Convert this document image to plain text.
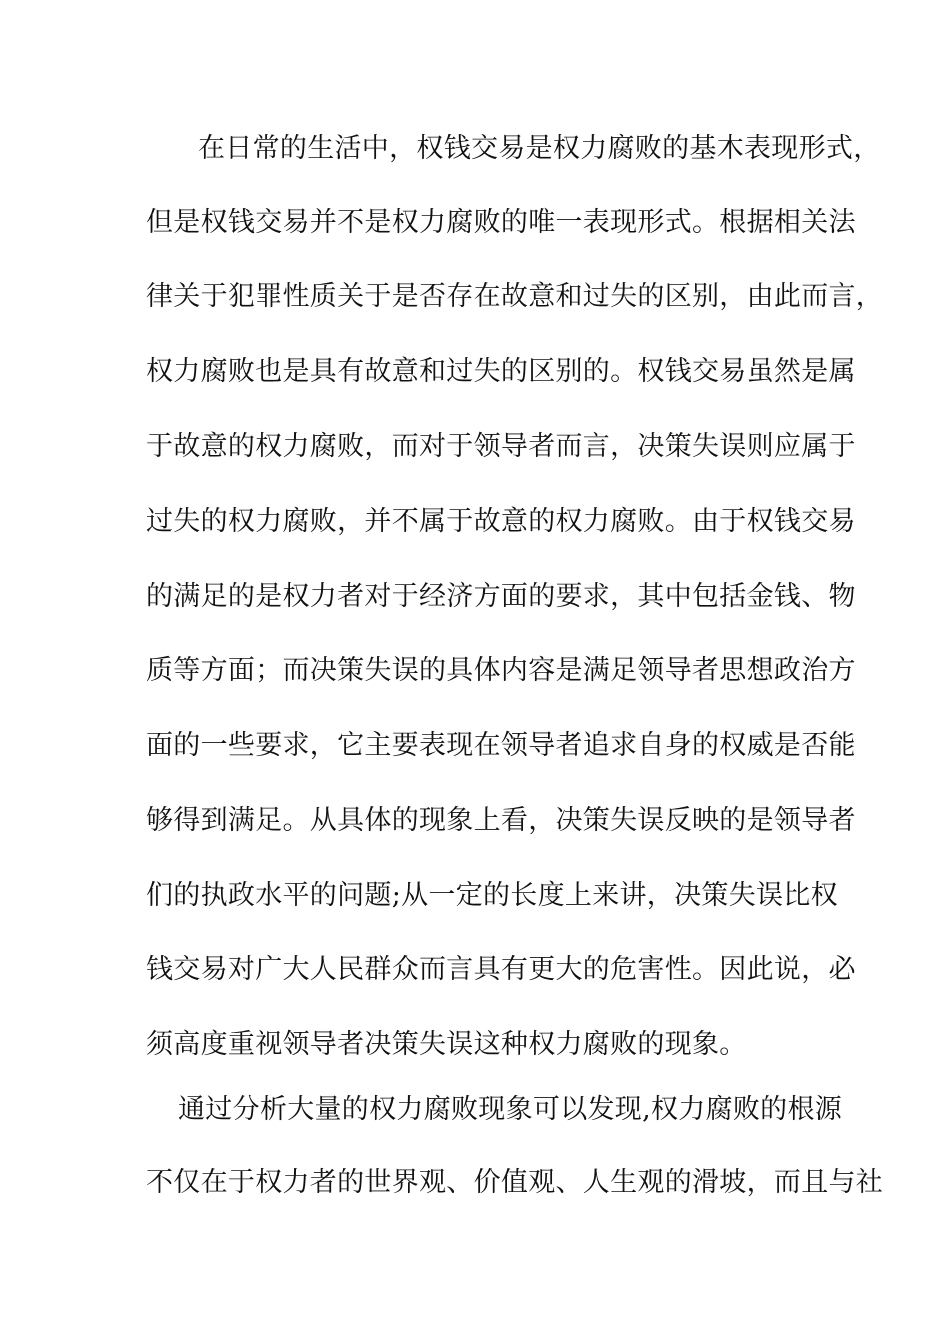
在日常的生活中，权钱交易是权力腐败的基木表现形式，
但是权钱交易并不是权力腐败的唯一表现形式。根据相关法
律关于犯罪性质关于是否存在故意和过失的区别，由此而言，
权力腐败也是具有故意和过失的区别的。权钱交易虽然是属
于故意的权力腐败，而对于领导者而言，决策失误则应属于
过失的权力腐败，并不属于故意的权力腐败。由于权钱交易
的满足的是权力者对于经济方面的要求，其中包括金钱、物
质等方面；而决策失误的具体内容是满足领导者思想政治方
面的一些要求，它主要表现在领导者追求自身的权威是否能
够得到满足。从具体的现象上看，决策失误反映的是领导者
们的执政水平的问题;从一定的长度上来讲，决策失误比权
钱交易对广大人民群众而言具有更大的危害性。因此说，必
须高度重视领导者决策失误这种权力腐败的现象。
通过分析大量的权力腐败现象可以发现,权力腐败的根源
不仅在于权力者的世界观、价值观、人生观的滑坡，而且与社
